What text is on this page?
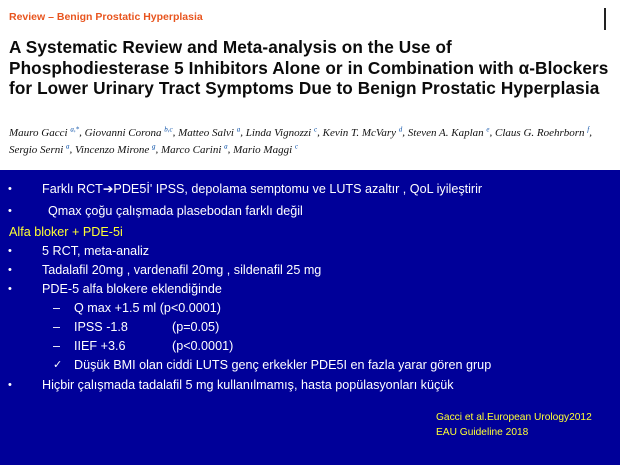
Review – Benign Prostatic Hyperplasia
A Systematic Review and Meta-analysis on the Use of Phosphodiesterase 5 Inhibitors Alone or in Combination with α-Blockers for Lower Urinary Tract Symptoms Due to Benign Prostatic Hyperplasia
Mauro Gacci $^{a,*}$, Giovanni Corona $^{b,c}$, Matteo Salvi $^a$, Linda Vignozzi $^c$, Kevin T. McVary $^d$, Steven A. Kaplan $^e$, Claus G. Roehrborn $^f$, Sergio Serni $^a$, Vincenzo Mirone $^g$, Marco Carini $^a$, Mario Maggi $^c$
• Farklı RCT➔PDE5İ' IPSS, depolama semptomu ve LUTS azaltır , QoL iyileştirir
•	Qmax çoğu çalışmada plasebodan farklı değil
Alfa bloker + PDE-5i
• 5 RCT, meta-analiz
• Tadalafil 20mg , vardenafil 20mg , sildenafil 25 mg
• PDE-5 alfa blokere eklendiğinde
– Q max +1.5 ml (p<0.0001)
– IPSS -1.8	(p=0.05)
– IIEF +3.6	(p<0.0001)
✓ Düşük BMI olan ciddi LUTS genç erkekler PDE5I en fazla yarar gören grup
• Hiçbir çalışmada tadalafil 5 mg kullanılmamış, hasta popülasyonları küçük
Gacci et al.European Urology2012
EAU Guideline 2018
